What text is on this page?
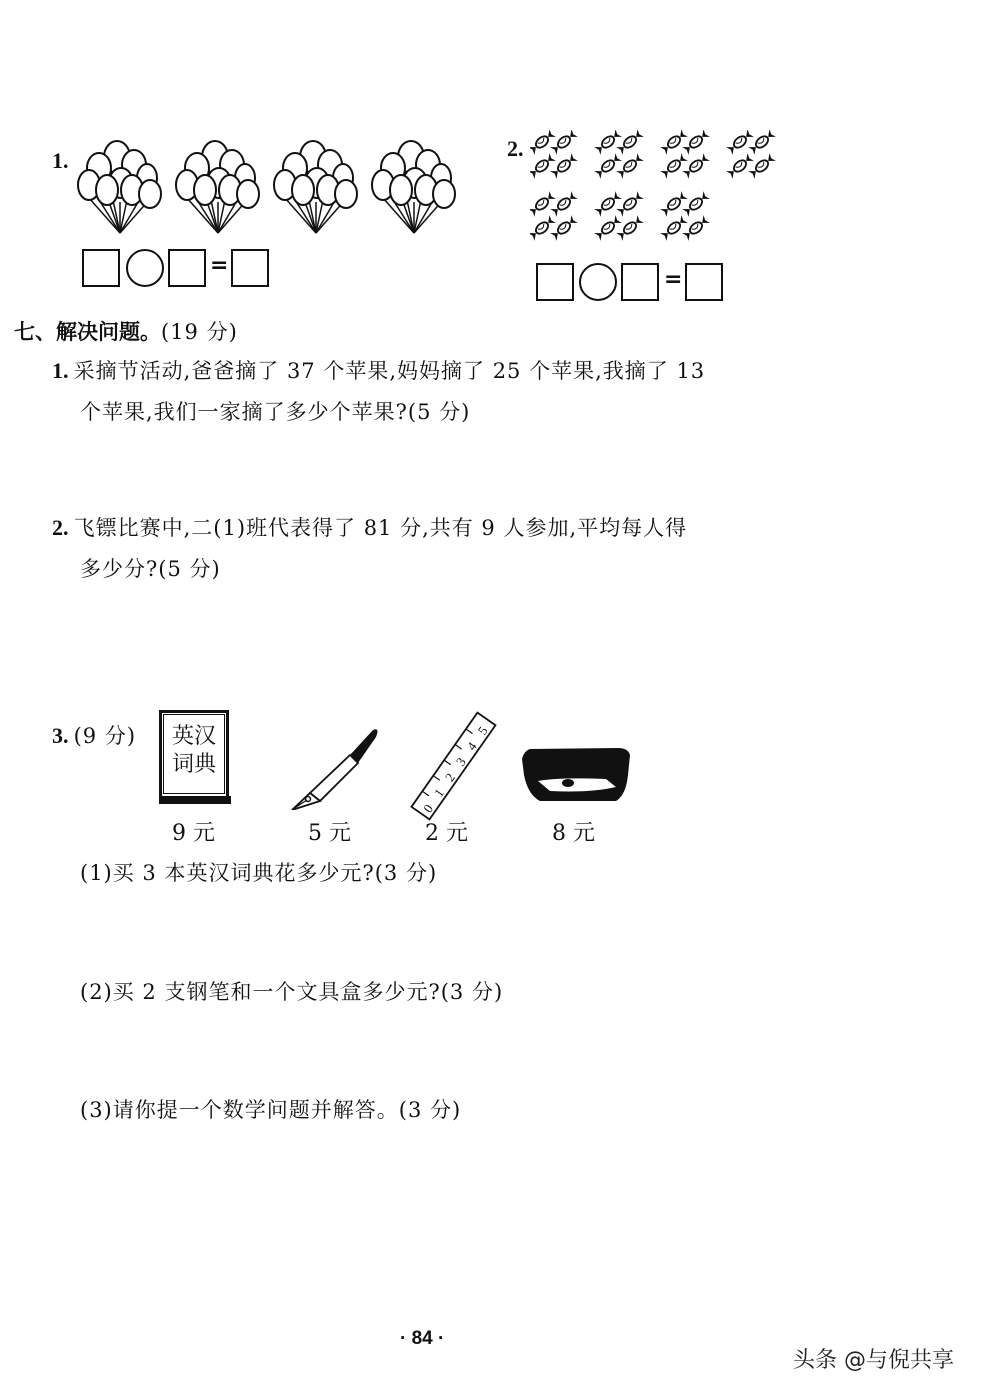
1.
=
2.
=
七、解决问题。(19 分)
1. 采摘节活动,爸爸摘了 37 个苹果,妈妈摘了 25 个苹果,我摘了 13
个苹果,我们一家摘了多少个苹果?(5 分)
2. 飞镖比赛中,二(1)班代表得了 81 分,共有 9 人参加,平均每人得
多少分?(5 分)
3. (9 分)	英汉
词典
0
1
2
3
4
5
9 元	5 元	2 元	8 元
(1)买 3 本英汉词典花多少元?(3 分)
(2)买 2 支钢笔和一个文具盒多少元?(3 分)
(3)请你提一个数学问题并解答。(3 分)
· 84 ·
头条 @与倪共享
